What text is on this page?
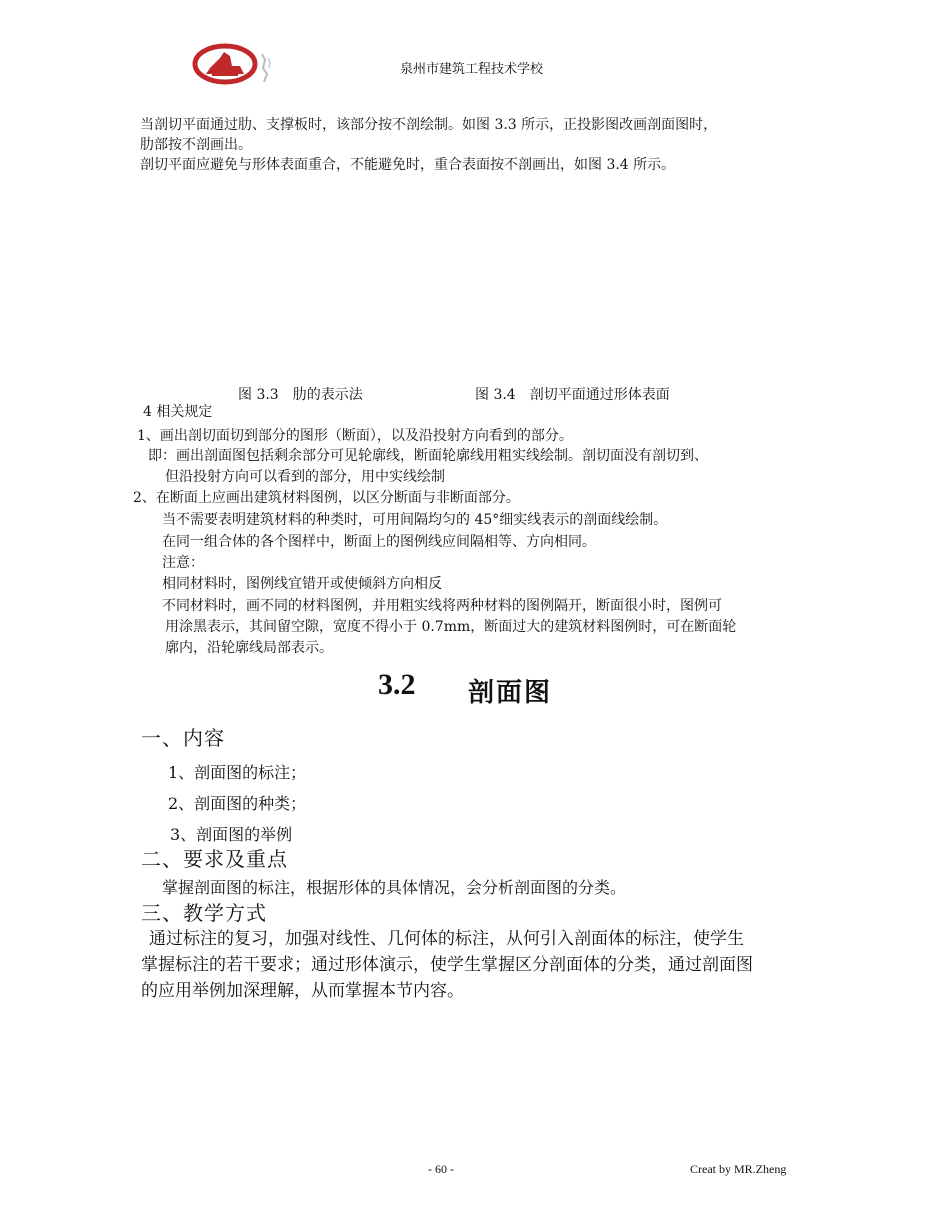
泉州市建筑工程技术学校
当剖切平面通过肋、支撑板时，该部分按不剖绘制。如图 3.3 所示，正投影图改画剖面图时，
肋部按不剖画出。
剖切平面应避免与形体表面重合，不能避免时，重合表面按不剖画出，如图 3.4 所示。
图 3.3　肋的表示法	图 3.4　剖切平面通过形体表面
4 相关规定
1、画出剖切面切到部分的图形（断面），以及沿投射方向看到的部分。
即：画出剖面图包括剩余部分可见轮廓线，断面轮廓线用粗实线绘制。剖切面没有剖切到、
但沿投射方向可以看到的部分，用中实线绘制
2、在断面上应画出建筑材料图例，以区分断面与非断面部分。
当不需要表明建筑材料的种类时，可用间隔均匀的 45°细实线表示的剖面线绘制。
在同一组合体的各个图样中，断面上的图例线应间隔相等、方向相同。
注意：
相同材料时，图例线宜错开或使倾斜方向相反
不同材料时，画不同的材料图例，并用粗实线将两种材料的图例隔开，断面很小时，图例可
用涂黑表示，其间留空隙，宽度不得小于 0.7mm，断面过大的建筑材料图例时，可在断面轮
廓内，沿轮廓线局部表示。
3.2 剖面图
一、内容
1、剖面图的标注；
2、剖面图的种类；
3、剖面图的举例
二、要求及重点
掌握剖面图的标注，根据形体的具体情况，会分析剖面图的分类。
三、教学方式
通过标注的复习，加强对线性、几何体的标注，从何引入剖面体的标注，使学生
掌握标注的若干要求；通过形体演示，使学生掌握区分剖面体的分类，通过剖面图
的应用举例加深理解，从而掌握本节内容。
- 60 -	Creat by MR.Zheng
